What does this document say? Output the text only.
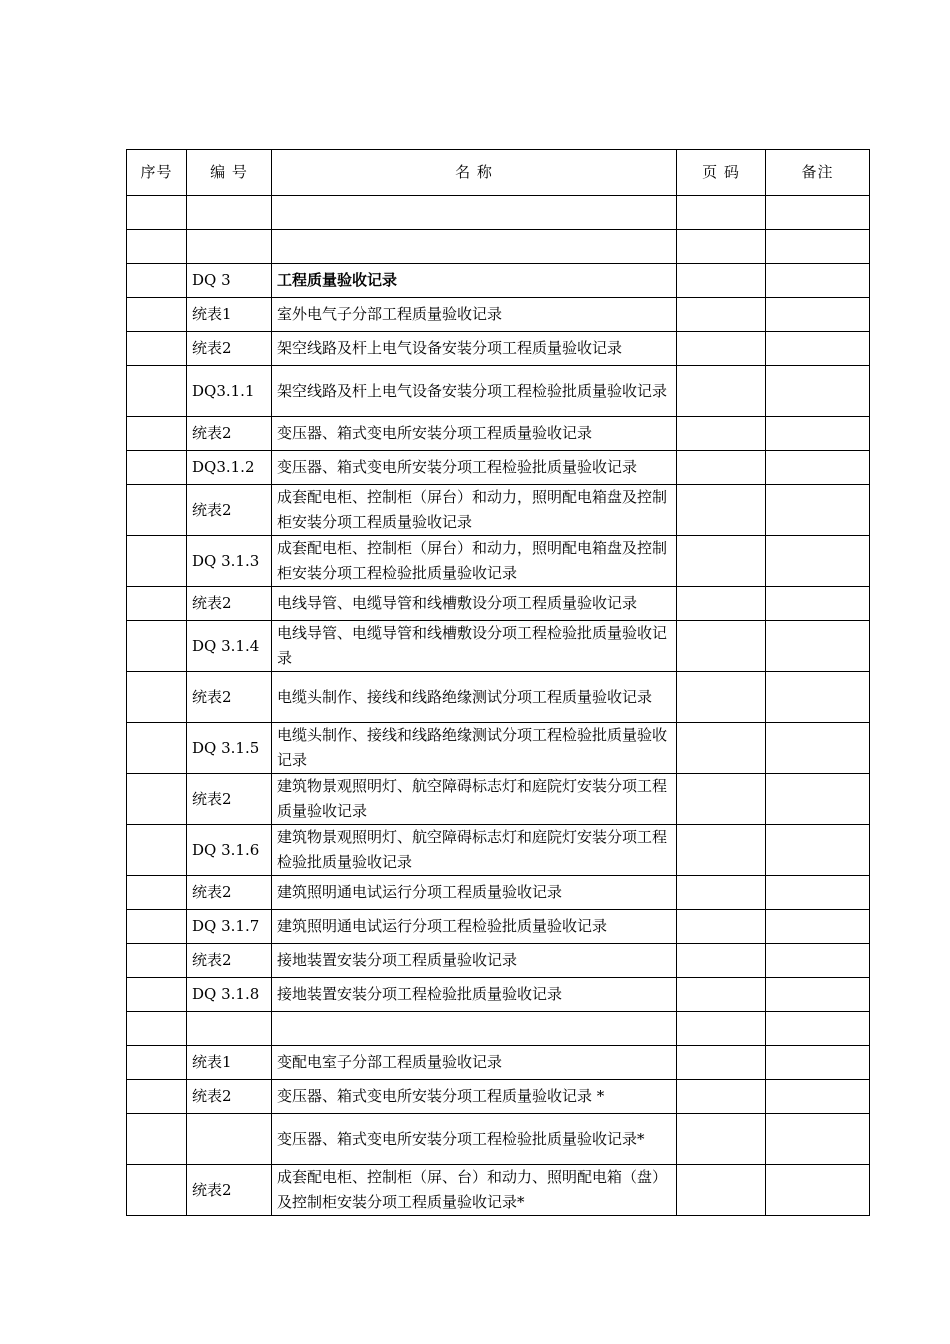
序号	编 号	名 称	页 码	备注

	DQ 3	工程质量验收记录		
	统表1	室外电气子分部工程质量验收记录		
	统表2	架空线路及杆上电气设备安装分项工程质量验收记录		
	DQ3.1.1	架空线路及杆上电气设备安装分项工程检验批质量验收记录		
	统表2	变压器、箱式变电所安装分项工程质量验收记录		
	DQ3.1.2	变压器、箱式变电所安装分项工程检验批质量验收记录		
	统表2	成套配电柜、控制柜（屏台）和动力，照明配电箱盘及控制柜安装分项工程质量验收记录		
	DQ 3.1.3	成套配电柜、控制柜（屏台）和动力，照明配电箱盘及控制柜安装分项工程检验批质量验收记录		
	统表2	电线导管、电缆导管和线槽敷设分项工程质量验收记录		
	DQ 3.1.4	电线导管、电缆导管和线槽敷设分项工程检验批质量验收记录		
	统表2	电缆头制作、接线和线路绝缘测试分项工程质量验收记录		
	DQ 3.1.5	电缆头制作、接线和线路绝缘测试分项工程检验批质量验收记录		
	统表2	建筑物景观照明灯、航空障碍标志灯和庭院灯安装分项工程质量验收记录		
	DQ 3.1.6	建筑物景观照明灯、航空障碍标志灯和庭院灯安装分项工程检验批质量验收记录		
	统表2	建筑照明通电试运行分项工程质量验收记录		
	DQ 3.1.7	建筑照明通电试运行分项工程检验批质量验收记录		
	统表2	接地装置安装分项工程质量验收记录		
	DQ 3.1.8	接地装置安装分项工程检验批质量验收记录		

	统表1	变配电室子分部工程质量验收记录		
	统表2	变压器、箱式变电所安装分项工程质量验收记录 *		
		变压器、箱式变电所安装分项工程检验批质量验收记录*		
	统表2	成套配电柜、控制柜（屏、台）和动力、照明配电箱（盘）及控制柜安装分项工程质量验收记录*		
